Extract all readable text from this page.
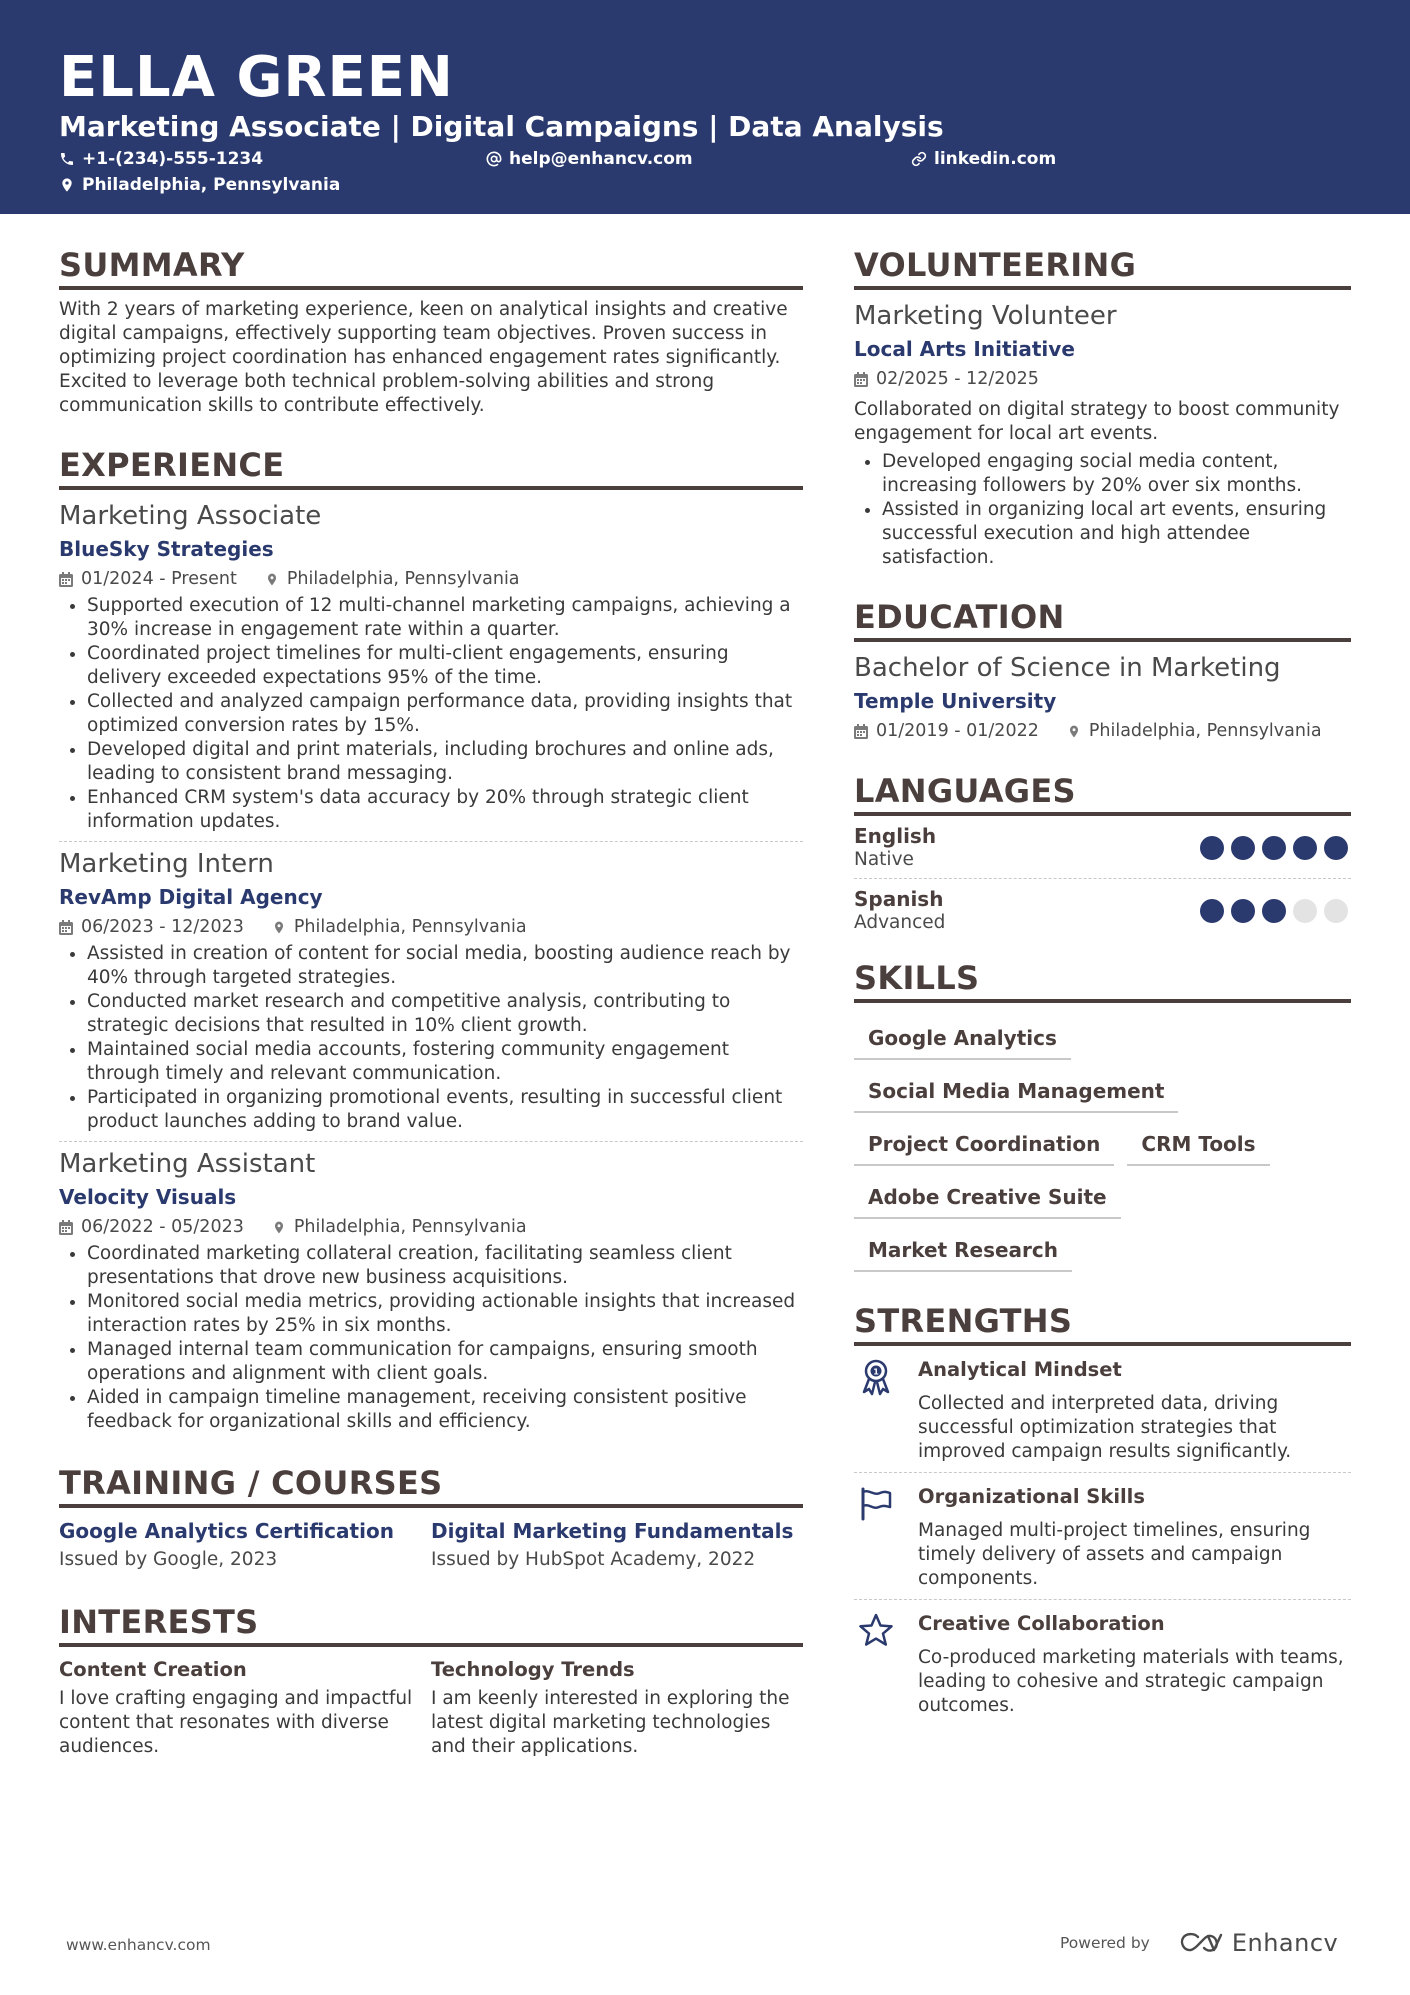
ELLA GREEN
Marketing Associate | Digital Campaigns | Data Analysis
+1-(234)-555-1234	help@enhancv.com	linkedin.com
Philadelphia, Pennsylvania
SUMMARY

With 2 years of marketing experience, keen on analytical insights and creative digital campaigns, effectively supporting team objectives. Proven success in optimizing project coordination has enhanced engagement rates significantly. Excited to leverage both technical problem-solving abilities and strong communication skills to contribute effectively.

EXPERIENCE
Marketing Associate
BlueSky Strategies
01/2024 - Present	Philadelphia, Pennsylvania
• Supported execution of 12 multi-channel marketing campaigns, achieving a 30% increase in engagement rate within a quarter.
• Coordinated project timelines for multi-client engagements, ensuring delivery exceeded expectations 95% of the time.
• Collected and analyzed campaign performance data, providing insights that optimized conversion rates by 15%.
• Developed digital and print materials, including brochures and online ads, leading to consistent brand messaging.
• Enhanced CRM system's data accuracy by 20% through strategic client information updates.
Marketing Intern
RevAmp Digital Agency
06/2023 - 12/2023	Philadelphia, Pennsylvania
• Assisted in creation of content for social media, boosting audience reach by 40% through targeted strategies.
• Conducted market research and competitive analysis, contributing to strategic decisions that resulted in 10% client growth.
• Maintained social media accounts, fostering community engagement through timely and relevant communication.
• Participated in organizing promotional events, resulting in successful client product launches adding to brand value.
Marketing Assistant
Velocity Visuals
06/2022 - 05/2023	Philadelphia, Pennsylvania
• Coordinated marketing collateral creation, facilitating seamless client presentations that drove new business acquisitions.
• Monitored social media metrics, providing actionable insights that increased interaction rates by 25% in six months.
• Managed internal team communication for campaigns, ensuring smooth operations and alignment with client goals.
• Aided in campaign timeline management, receiving consistent positive feedback for organizational skills and efficiency.
TRAINING / COURSES
Google Analytics Certification
Issued by Google, 2023
Digital Marketing Fundamentals
Issued by HubSpot Academy, 2022
INTERESTS
Content Creation
I love crafting engaging and impactful content that resonates with diverse audiences.
Technology Trends
I am keenly interested in exploring the latest digital marketing technologies and their applications.
VOLUNTEERING
Marketing Volunteer
Local Arts Initiative
02/2025 - 12/2025

Collaborated on digital strategy to boost community engagement for local art events.

• Developed engaging social media content, increasing followers by 20% over six months.
• Assisted in organizing local art events, ensuring successful execution and high attendee satisfaction.
EDUCATION
Bachelor of Science in Marketing
Temple University
01/2019 - 01/2022	Philadelphia, Pennsylvania
LANGUAGES
English
Native
Spanish
Advanced
SKILLS
Google Analytics
Social Media Management
Project Coordination	CRM Tools
Adobe Creative Suite
Market Research
STRENGTHS
1 Analytical Mindset
Collected and interpreted data, driving successful optimization strategies that improved campaign results significantly.
Organizational Skills
Managed multi-project timelines, ensuring timely delivery of assets and campaign components.
Creative Collaboration
Co-produced marketing materials with teams, leading to cohesive and strategic campaign outcomes.
www.enhancv.com	Powered by	Enhancv
